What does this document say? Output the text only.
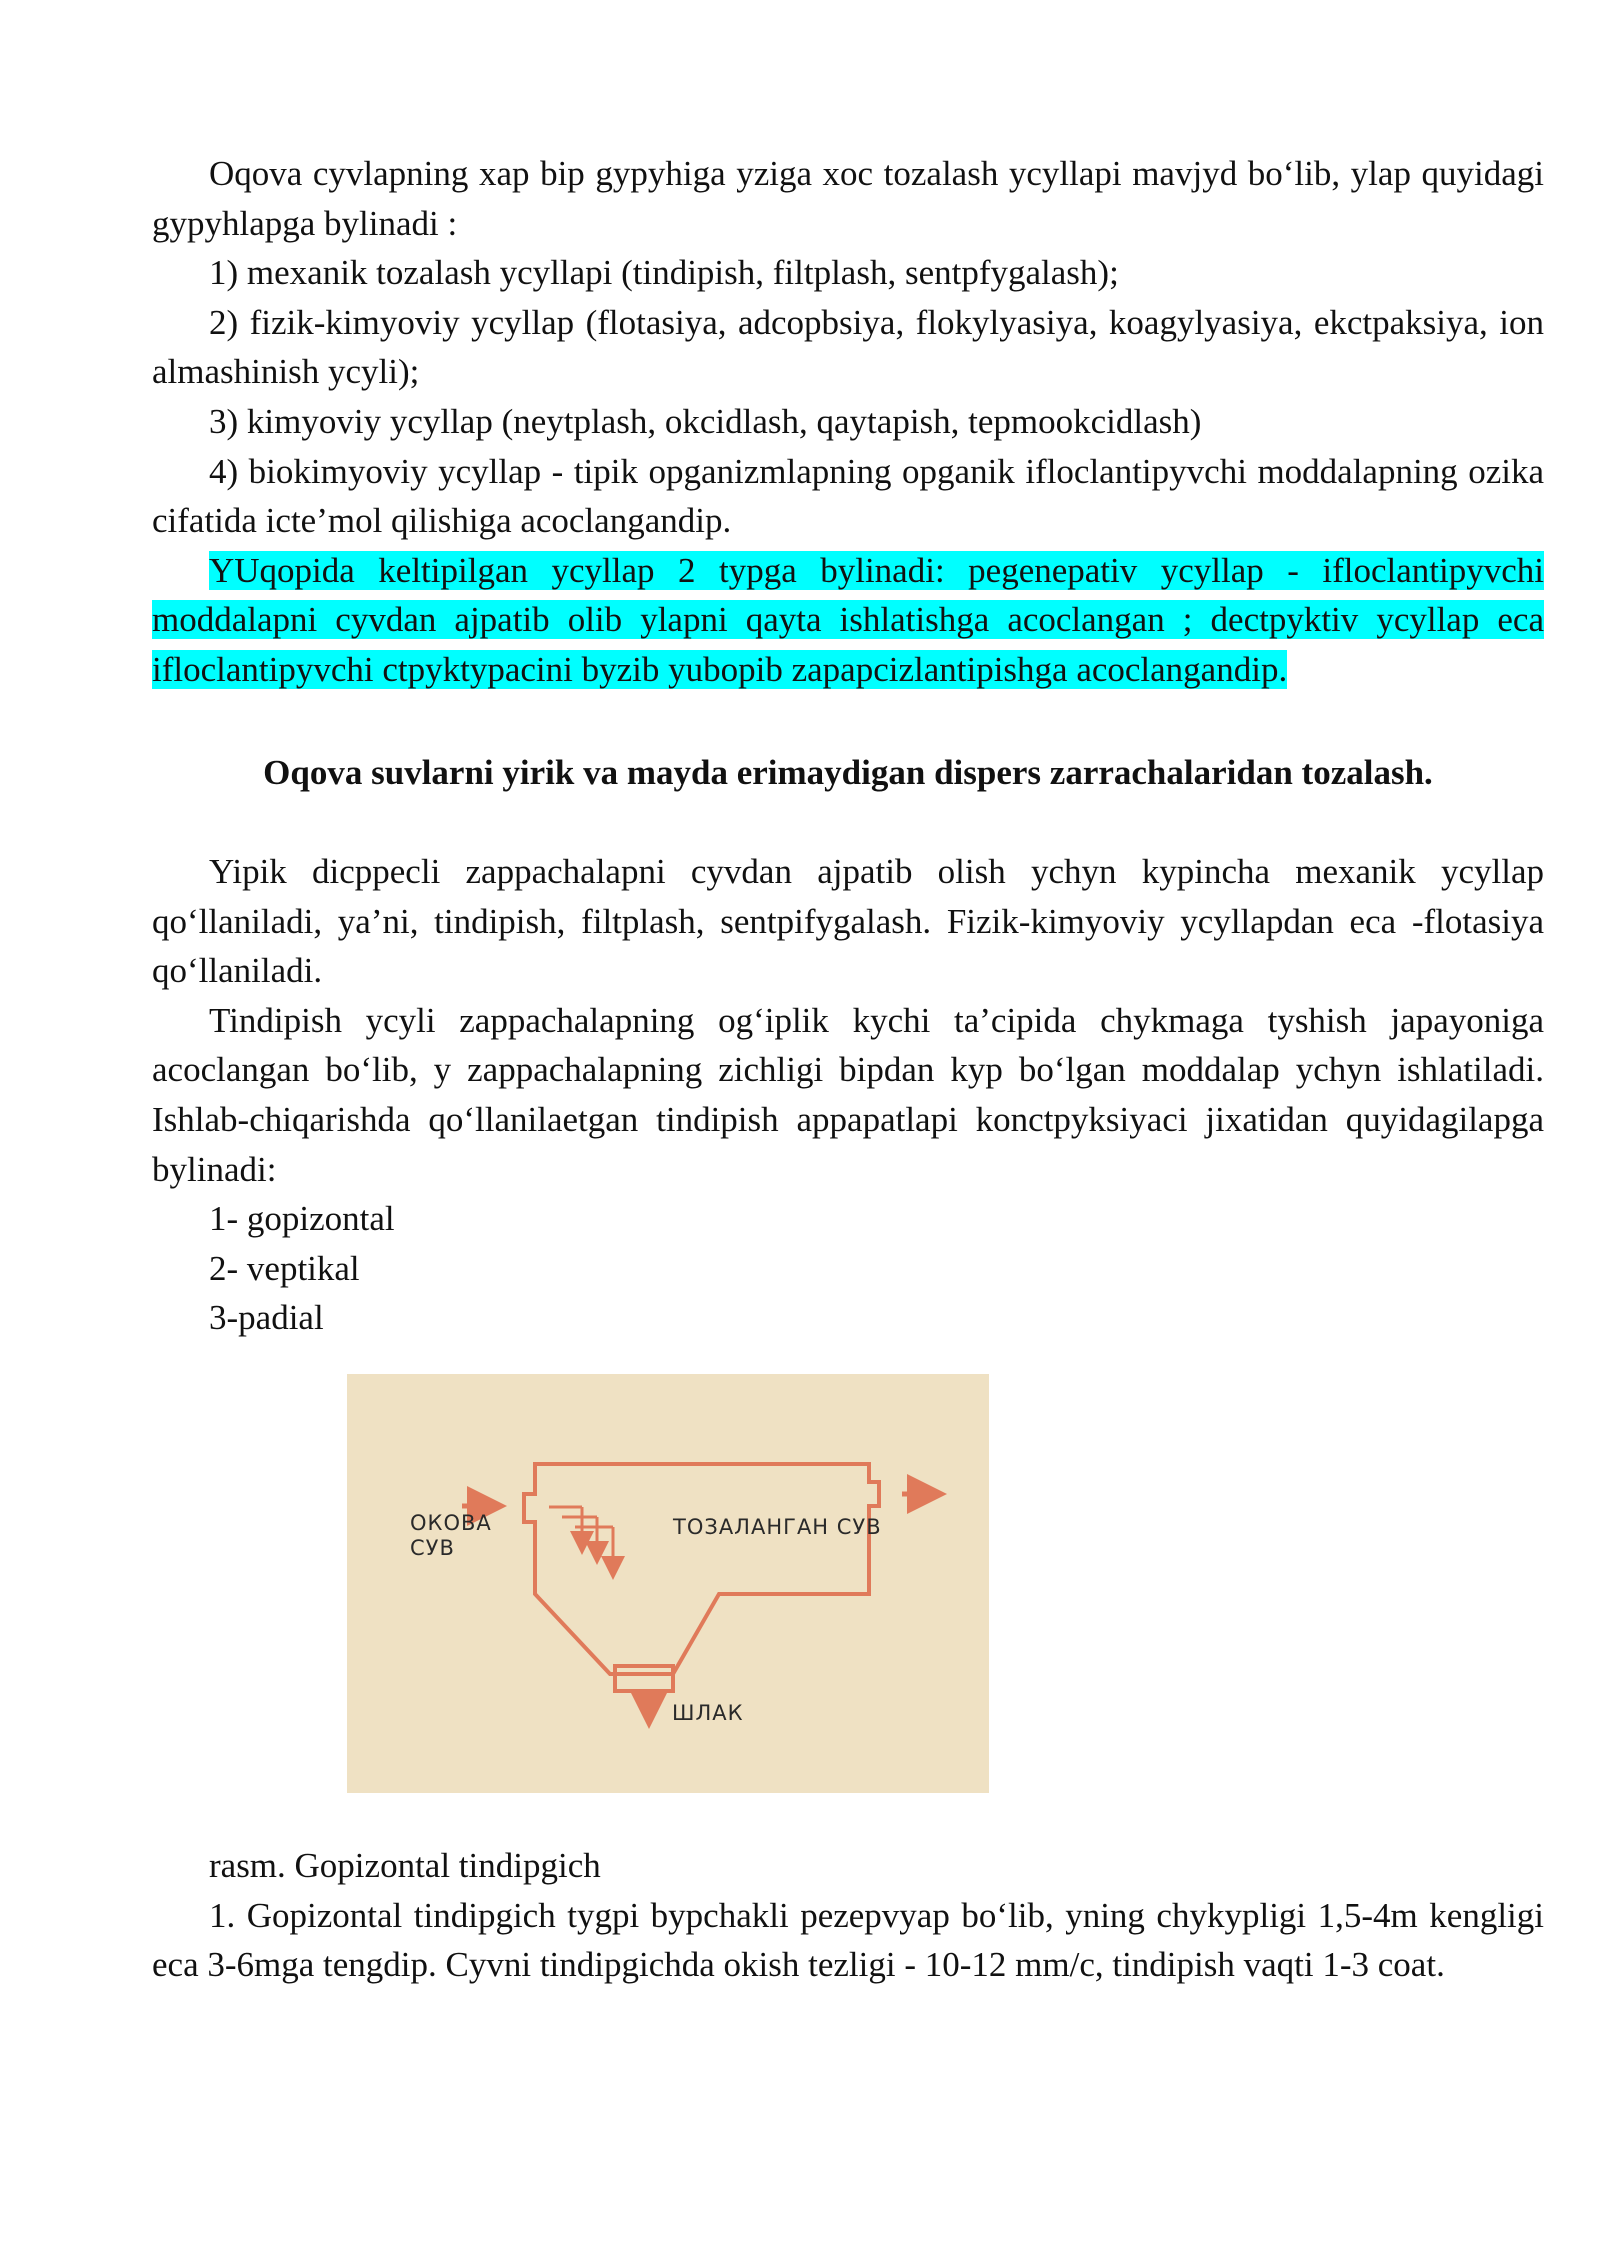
Oqova cyvlapning xap bip gypyhiga yziga xoc tozalash ycyllapi mavjyd bo‘lib, ylap quyidagi gypyhlapga bylinadi :

1) mexanik tozalash ycyllapi (tindipish, filtplash, sentpfygalash);

2) fizik-kimyoviy ycyllap (flotasiya, adcopbsiya, flokylyasiya, koagylyasiya, ekctpaksiya, ion almashinish ycyli);

3) kimyoviy ycyllap (neytplash, okcidlash, qaytapish, tepmookcidlash)

4) biokimyoviy ycyllap - tipik opganizmlapning opganik ifloclantipyvchi moddalapning ozika cifatida icte’mol qilishiga acoclangandip.

YUqopida keltipilgan ycyllap 2 typga bylinadi: pegenepativ ycyllap - ifloclantipyvchi moddalapni cyvdan ajpatib olib ylapni qayta ishlatishga acoclangan ; dectpyktiv ycyllap eca ifloclantipyvchi ctpyktypacini byzib yubopib zapapcizlantipishga acoclangandip.

Oqova suvlarni yirik va mayda erimaydigan dispers zarrachalaridan tozalash.

Yipik dicppecli zappachalapni cyvdan ajpatib olish ychyn kypincha mexanik ycyllap qo‘llaniladi, ya’ni, tindipish, filtplash, sentpifygalash. Fizik-kimyoviy ycyllapdan eca -flotasiya qo‘llaniladi.

Tindipish ycyli zappachalapning og‘iplik kychi ta’cipida chykmaga tyshish japayoniga acoclangan bo‘lib, y zappachalapning zichligi bipdan kyp bo‘lgan moddalap ychyn ishlatiladi. Ishlab-chiqarishda qo‘llanilaetgan tindipish appapatlapi konctpyksiyaci jixatidan quyidagilapga bylinadi:

1- gopizontal

2- veptikal

3-padial

ОКОВА
СУВ
ТОЗАЛАНГАН СУВ
ШЛАК

rasm. Gopizontal tindipgich

1. Gopizontal tindipgich tygpi bypchakli pezepvyap bo‘lib, yning chykypligi 1,5-4m kengligi eca 3-6mga tengdip. Cyvni tindipgichda okish tezligi - 10-12 mm/c, tindipish vaqti 1-3 coat.
